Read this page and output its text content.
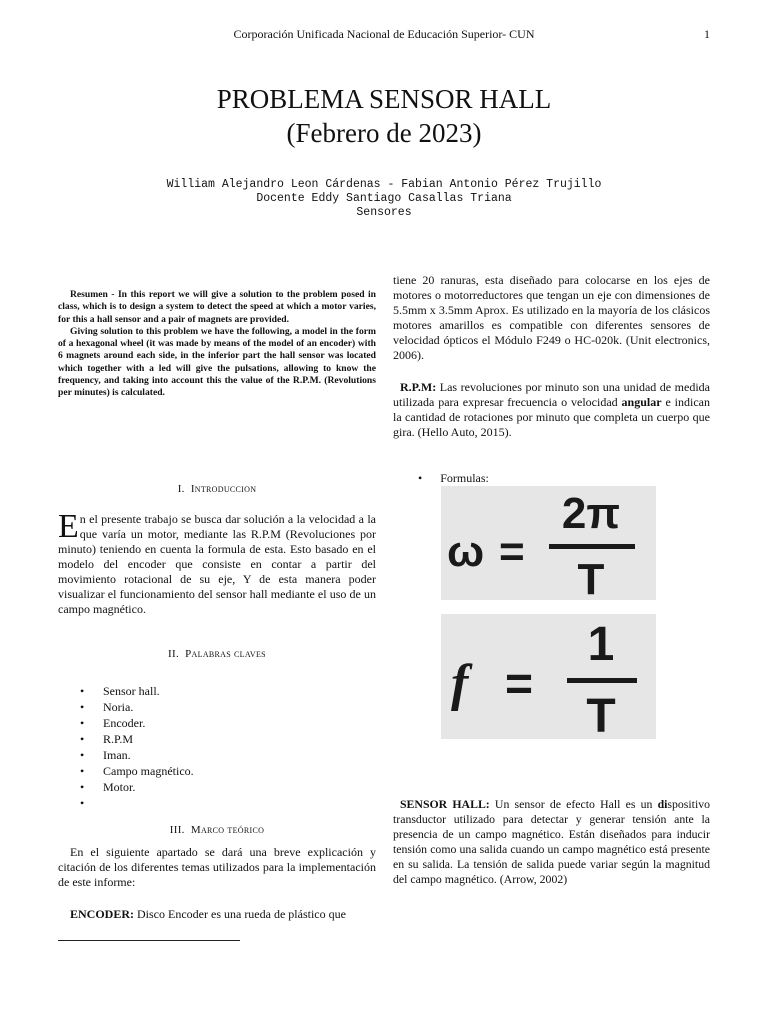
Corporación Unificada Nacional de Educación Superior- CUN	1
PROBLEMA SENSOR HALL
(Febrero de 2023)
William Alejandro Leon Cárdenas - Fabian Antonio Pérez Trujillo
Docente Eddy Santiago Casallas Triana
Sensores

Resumen - In this report we will give a solution to the problem posed in class, which is to design a system to detect the speed at which a motor varies, for this a hall sensor and a pair of magnets are provided.

Giving solution to this problem we have the following, a model in the form of a hexagonal wheel (it was made by means of the model of an encoder) with 6 magnets around each side, in the inferior part the hall sensor was located which together with a led will give the pulsations, allowing to know the frequency, and taking into account this the value of the R.P.M. (Revolutions per minutes) is calculated.

I. Introduccion
En el presente trabajo se busca dar solución a la velocidad a la que varía un motor, mediante las R.P.M (Revoluciones por minuto) teniendo en cuenta la formula de esta. Esto basado en el modelo del encoder que consiste en contar a partir del movimiento rotacional de su eje, Y de esta manera poder visualizar el funcionamiento del sensor hall mediante el uso de un campo magnético.
II. Palabras claves
• Sensor hall.
• Noria.
• Encoder.
• R.P.M
• Iman.
• Campo magnético.
• Motor.
•
III. Marco teórico
En el siguiente apartado se dará una breve explicación y citación de los diferentes temas utilizados para la implementación de este informe:
ENCODER: Disco Encoder es una rueda de plástico que
tiene 20 ranuras, esta diseñado para colocarse en los ejes de motores o motorreductores que tengan un eje con dimensiones de 5.5mm x 3.5mm Aprox. Es utilizado en la mayoría de los clásicos motores amarillos es compatible con diferentes sensores de velocidad ópticos el Módulo F249 o HC-020k. (Unit electronics, 2006).
R.P.M: Las revoluciones por minuto son una unidad de medida utilizada para expresar frecuencia o velocidad angular e indican la cantidad de rotaciones por minuto que completa un cuerpo que gira. (Hello Auto, 2015).
• Formulas:
ω =
2π
T
f =
1
T
SENSOR HALL: Un sensor de efecto Hall es un dispositivo transductor utilizado para detectar y generar tensión ante la presencia de un campo magnético. Están diseñados para inducir tensión como una salida cuando un campo magnético está presente en su salida. La tensión de salida puede variar según la magnitud del campo magnético. (Arrow, 2002)
